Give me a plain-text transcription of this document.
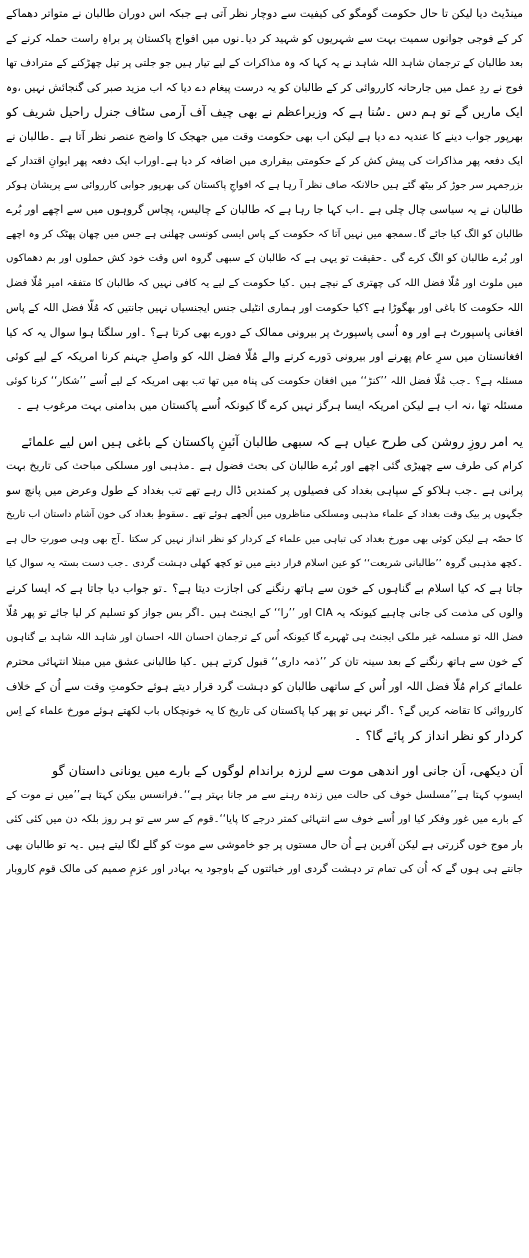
مینڈیٹ دیا لیکن تا حال حکومت گومگو کی کیفیت سے دوچار نظر آتی ہے جبکہ اس دوران طالبان نے متواتر دھماکے
کر کے فوجی جوانوں سمیت بہت سے شہریوں کو شہید کر دیا۔نوں میں افواج پاکستان پر براہِ راست حملہ کرنے کے
بعد طالبان کے ترجمان شاہد اللہ شاہد نے یہ کہا کہ وہ مذاکرات کے لیے تیار ہیں جو جلتی پر تیل چھڑکنے کے مترادف تھا
فوج نے ردِ عمل میں جارحانہ کارروائی کر کے طالبان کو یہ درست پیغام دے دیا کہ اب مزید صبر کی گنجائش نہیں ،وہ
ایک ماریں گے تو ہم دس ۔سُنا ہے کہ وزیراعظم نے بھی چیف آف آرمی سٹاف جنرل راحیل شریف کو
بھرپور جواب دینے کا عندیہ دے دیا ہے لیکن اب بھی حکومت وقت میں جھجک کا واضح عنصر نظر آتا ہے ۔طالبان نے
ایک دفعہ پھر مذاکرات کی پیش کش کر کے حکومتی بیقراری میں اضافہ کر دیا ہے۔اوراب ایک دفعہ پھر ایوانِ اقتدار کے
بزرجمہر سر جوڑ کر بیٹھ گئے ہیں حالانکہ صاف نظر آ رہا ہے کہ افواجِ پاکستان کی بھرپور جوابی کارروائی سے پریشان ہوکر
طالبان نے یہ سیاسی چال چلی ہے ۔اب کہا جا رہا ہے کہ طالبان کے چالیس، پچاس گروہوں میں سے اچھے اور بُرے
طالبان کو الگ کیا جائے گا۔سمجھ میں نہیں آتا کہ حکومت کے پاس ایسی کونسی چھلنی ہے جس میں چھان پھٹک کر وہ اچھے
اور بُرے طالبان کو الگ کرے گی ۔حقیقت تو یہی ہے کہ طالبان کے سبھی گروہ اس وقت خود کش حملوں اور بم دھماکوں
میں ملوث اور مُلّا فضل اللہ کی چھتری کے نیچے ہیں ۔کیا حکومت کے لیے یہ کافی نہیں کہ طالبان کا متفقہ امیر مُلّا فضل
اللہ حکومت کا باغی اور بھگوڑا ہے ؟کیا حکومت اور ہماری انٹیلی جنس ایجنسیاں نہیں جانتیں کہ مُلّا فضل اللہ کے پاس
افغانی پاسپورٹ ہے اور وہ اُسی پاسپورٹ پر بیرونی ممالک کے دورے بھی کرتا ہے؟ ۔اور سلگتا ہوا سوال یہ کہ کیا
افغانستان میں سرِ عام پھرنے اور بیرونی دَورے کرنے والے مُلّا فضل اللہ کو واصلِ جہنم کرنا امریکہ کے لیے کوئی
مسئلہ ہے؟ ۔جب مُلّا فضل اللہ ’’کنڑ‘‘ میں افغان حکومت کی پناہ میں تھا تب بھی امریکہ کے لیے اُسے ’’شکار‘‘ کرنا کوئی
مسئلہ تھا ،نہ اب ہے لیکن امریکہ ایسا ہرگز نہیں کرے گا کیونکہ اُسے پاکستان میں بدامنی بہت مرغوب ہے ۔
یہ امر روزِ روشن کی طرح عیاں ہے کہ سبھی طالبان آئینِ پاکستان کے باغی ہیں اس لیے علمائے
کرام کی طرف سے چھیڑی گئی اچھے اور بُرے طالبان کی بحث فضول ہے ۔مذہبی اور مسلکی مباحث کی تاریخ بہت
پرانی ہے ۔جب ہلاکو کے سپاہی بغداد کی فصیلوں پر کمندیں ڈال رہے تھے تب بغداد کے طول وعرض میں پانچ سو
جگہوں پر بیک وقت بغداد کے علماء مذہبی ومسلکی مناظروں میں اُلجھے ہوئے تھے ۔سقوطِ بغداد کی خون آشام داستان اب تاریخ
کا حصّہ ہے لیکن کوئی بھی مورخ بغداد کی تباہی میں علماء کے کردار کو نظر انداز نہیں کر سکتا ۔آج بھی وہی صورتِ حال ہے
۔کچھ مذہبی گروہ ’’طالبانی شریعت‘‘ کو عین اسلام قرار دینے میں تو کچھ کھلی دہشت گردی ۔جب دست بستہ یہ سوال کیا
جاتا ہے کہ کیا اسلام بے گناہوں کے خون سے ہاتھ رنگنے کی اجازت دیتا ہے؟ ۔تو جواب دیا جاتا ہے کہ ایسا کرنے
والوں کی مذمت کی جانی چاہیے کیونکہ یہ CIA اور ’’را‘‘ کے ایجنٹ ہیں ۔اگر بس جواز کو تسلیم کر لیا جائے تو پھر مُلّا
فضل اللہ تو مسلمہ غیر ملکی ایجنٹ ہی ٹھہرے گا کیونکہ اُس کے ترجمان احسان اللہ احسان اور شاہد اللہ شاہد بے گناہوں
کے خون سے ہاتھ رنگنے کے بعد سینہ تان کر ’’ذمہ داری‘‘ قبول کرتے ہیں ۔کیا طالبانی عشق میں مبتلا انتہائی محترم
علمائے کرام مُلّا فضل اللہ اور اُس کے ساتھی طالبان کو دہشت گرد قرار دیتے ہوئے حکومتِ وقت سے اُن کے خلاف
کارروائی کا تقاضہ کریں گے؟ ۔اگر نہیں تو پھر کیا پاکستان کی تاریخ کا یہ خونچکاں باب لکھتے ہوئے مورخ علماء کے اِس
کردار کو نظر انداز کر پائے گا؟ ۔
اَن دیکھی، اَن جانی اور اندھی موت سے لرزہ براندام لوگوں کے بارے میں یونانی داستان گو
ایسوپ کہتا ہے’’مسلسل خوف کی حالت میں زندہ رہنے سے مر جانا بہتر ہے‘‘۔فرانسس بیکن کہتا ہے’’میں نے موت کے
کے بارے میں غور وفکر کیا اور اُسے خوف سے انتہائی کمتر درجے کا پایا‘‘۔قوم کے سر سے تو ہر روز بلکہ دن میں کئی کئی
بار موج خوں گزرتی ہے لیکن آفرین ہے اُن حال مستوں پر جو خاموشی سے موت کو گلے لگا لیتے ہیں ۔یہ تو طالبان بھی
جانتے ہی ہوں گے کہ اُن کی تمام تر دہشت گردی اور خباثتوں کے باوجود یہ بہادر اور عزمِ صمیم کی مالک قوم کاروبار
